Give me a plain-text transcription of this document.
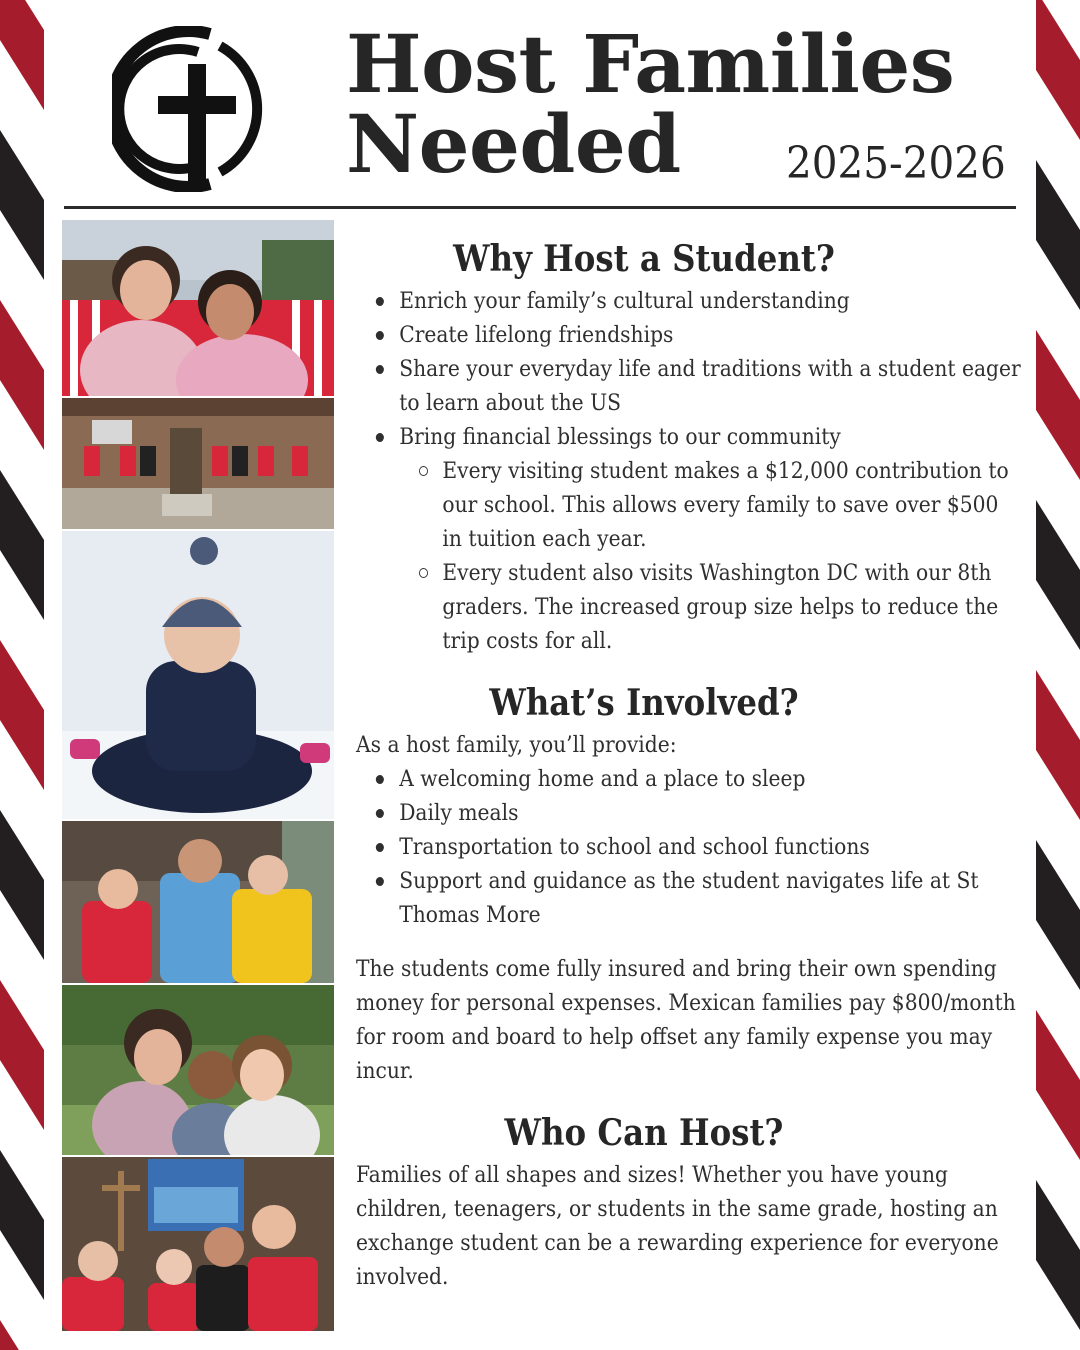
Host Families
Needed	2025-2026
Why Host a Student?
Enrich your family’s cultural understanding
Create lifelong friendships
Share your everyday life and traditions with a student eager to learn about the US
Bring financial blessings to our community
Every visiting student makes a $12,000 contribution to our school. This allows every family to save over $500 in tuition each year.
Every student also visits Washington DC with our 8th graders. The increased group size helps to reduce the trip costs for all.
What’s Involved?

As a host family, you’ll provide:

A welcoming home and a place to sleep
Daily meals
Transportation to school and school functions
Support and guidance as the student navigates life at St Thomas More

The students come fully insured and bring their own spending money for personal expenses. Mexican families pay $800/month for room and board to help offset any family expense you may incur.

Who Can Host?

Families of all shapes and sizes! Whether you have young children, teenagers, or students in the same grade, hosting an exchange student can be a rewarding experience for everyone involved.
